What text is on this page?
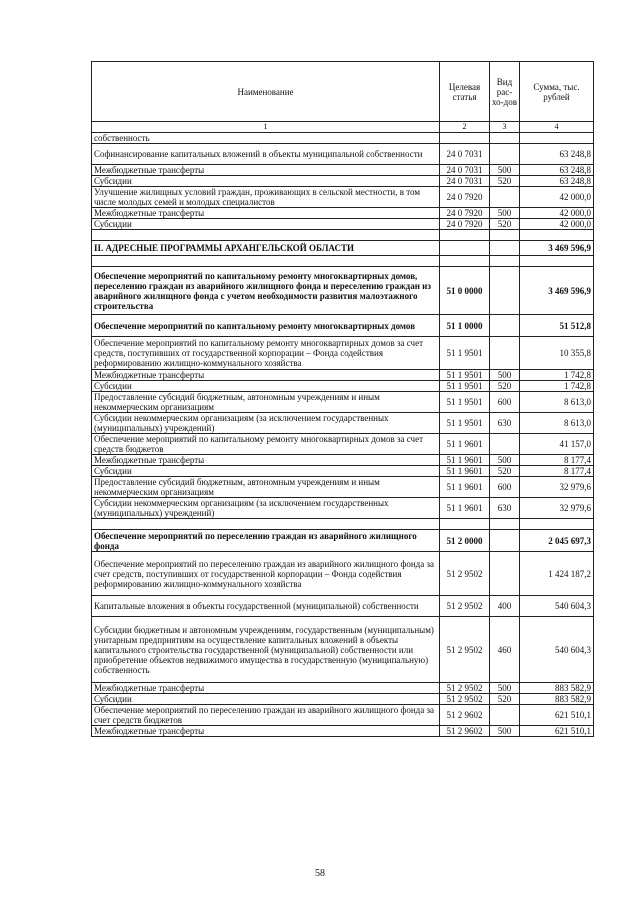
Наименование	Целевая статья	Вид рас-хо-дов	Сумма, тыс. рублей
1	2	3	4
собственность			
Софинансирование капитальных вложений в объекты муниципальной собственности	24 0 7031		63 248,8
Межбюджетные трансферты	24 0 7031	500	63 248,8
Субсидии	24 0 7031	520	63 248,8
Улучшение жилищных условий граждан, проживающих в сельской местности, в том числе молодых семей и молодых специалистов	24 0 7920		42 000,0
Межбюджетные трансферты	24 0 7920	500	42 000,0
Субсидии	24 0 7920	520	42 000,0

II. АДРЕСНЫЕ ПРОГРАММЫ АРХАНГЕЛЬСКОЙ ОБЛАСТИ			3 469 596,9

Обеспечение мероприятий по капитальному ремонту многоквартирных домов, переселению граждан из аварийного жилищного фонда и переселению граждан из аварийного жилищного фонда с учетом необходимости развития малоэтажного строительства	51 0 0000		3 469 596,9
Обеспечение мероприятий по капитальному ремонту многоквартирных домов	51 1 0000		51 512,8
Обеспечение мероприятий по капитальному ремонту многоквартирных домов за счет средств, поступивших от государственной корпорации – Фонда содействия реформированию жилищно-коммунального хозяйства	51 1 9501		10 355,8
Межбюджетные трансферты	51 1 9501	500	1 742,8
Субсидии	51 1 9501	520	1 742,8
Предоставление субсидий бюджетным, автономным учреждениям и иным некоммерческим организациям	51 1 9501	600	8 613,0
Субсидии некоммерческим организациям (за исключением государственных (муниципальных) учреждений)	51 1 9501	630	8 613,0
Обеспечение мероприятий по капитальному ремонту многоквартирных домов за счет средств бюджетов	51 1 9601		41 157,0
Межбюджетные трансферты	51 1 9601	500	8 177,4
Субсидии	51 1 9601	520	8 177,4
Предоставление субсидий бюджетным, автономным учреждениям и иным некоммерческим организациям	51 1 9601	600	32 979,6
Субсидии некоммерческим организациям (за исключением государственных (муниципальных) учреждений)	51 1 9601	630	32 979,6

Обеспечение мероприятий по переселению граждан из аварийного жилищного фонда	51 2 0000		2 045 697,3
Обеспечение мероприятий по переселению граждан из аварийного жилищного фонда за счет средств, поступивших от государственной корпорации – Фонда содействия реформированию жилищно-коммунального хозяйства	51 2 9502		1 424 187,2
Капитальные вложения в объекты государственной (муниципальной) собственности	51 2 9502	400	540 604,3
Субсидии бюджетным и автономным учреждениям, государственным (муниципальным) унитарным предприятиям на осуществление капитальных вложений в объекты капитального строительства государственной (муниципальной) собственности или приобретение объектов недвижимого имущества в государственную (муниципальную) собственность	51 2 9502	460	540 604,3
Межбюджетные трансферты	51 2 9502	500	883 582,9
Субсидии	51 2 9502	520	883 582,9
Обеспечение мероприятий по переселению граждан из аварийного жилищного фонда за счет средств бюджетов	51 2 9602		621 510,1
Межбюджетные трансферты	51 2 9602	500	621 510,1
58
